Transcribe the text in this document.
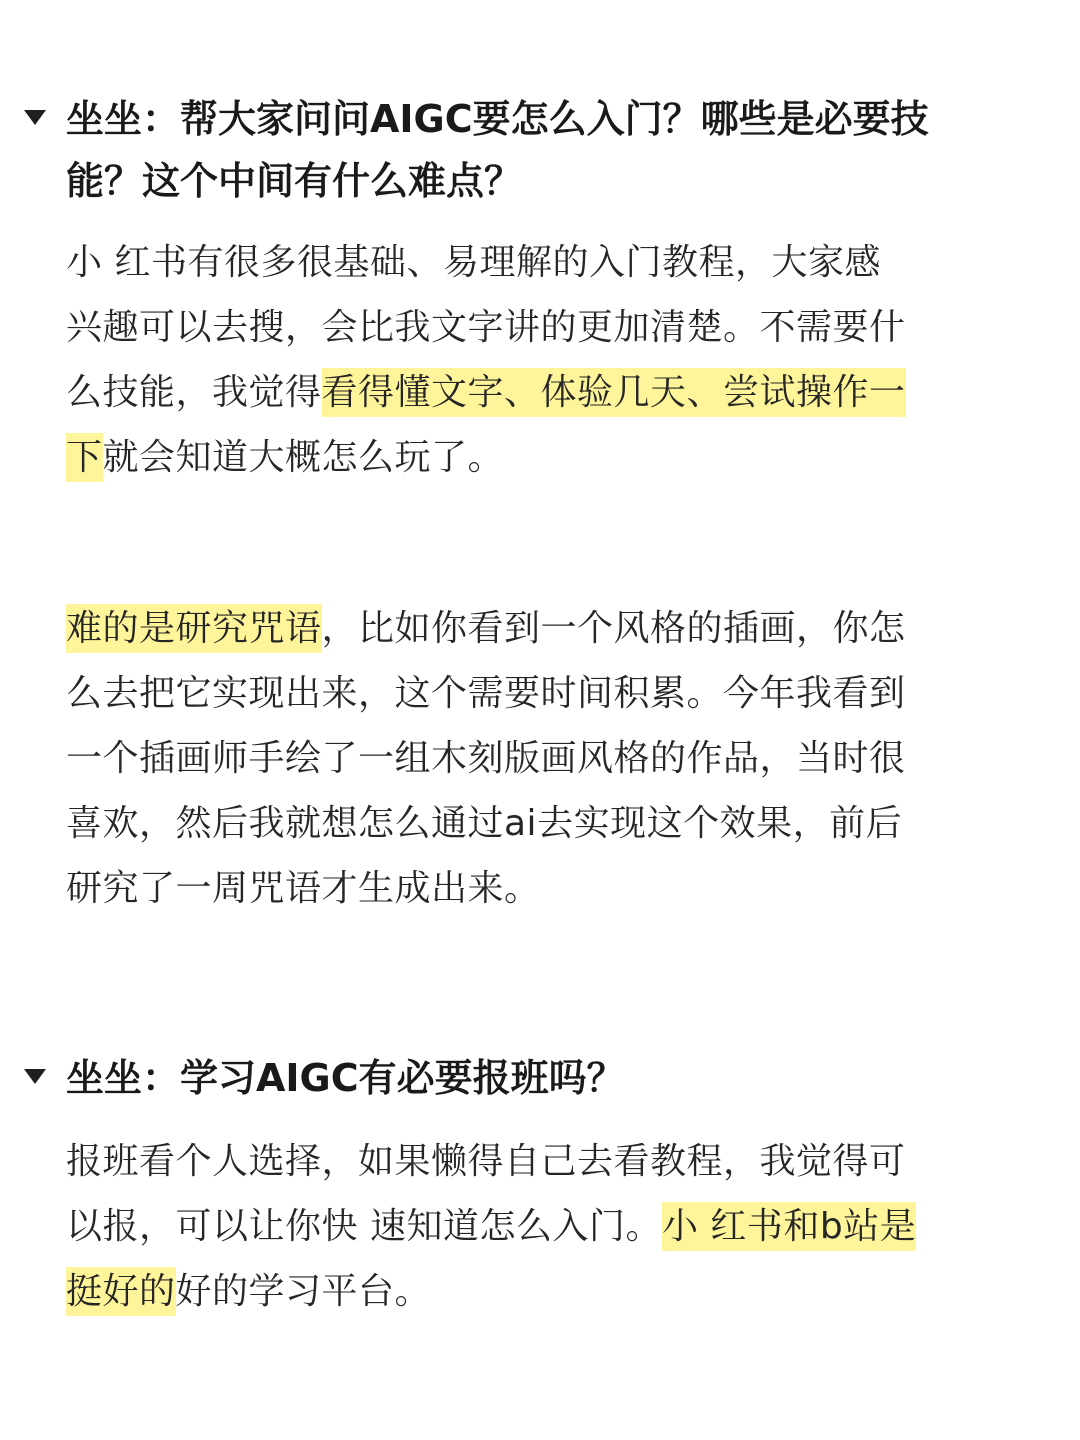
坐坐：帮大家问问AIGC要怎么入门？哪些是必要技
能？这个中间有什么难点？
小 红书有很多很基础、易理解的入门教程，大家感
兴趣可以去搜，会比我文字讲的更加清楚。不需要什
么技能，我觉得看得懂文字、体验几天、尝试操作一
下就会知道大概怎么玩了。
难的是研究咒语，比如你看到一个风格的插画，你怎
么去把它实现出来，这个需要时间积累。今年我看到
一个插画师手绘了一组木刻版画风格的作品，当时很
喜欢，然后我就想怎么通过ai去实现这个效果，前后
研究了一周咒语才生成出来。
坐坐：学习AIGC有必要报班吗？
报班看个人选择，如果懒得自己去看教程，我觉得可
以报，可以让你快 速知道怎么入门。小 红书和b站是
挺好的好的学习平台。
